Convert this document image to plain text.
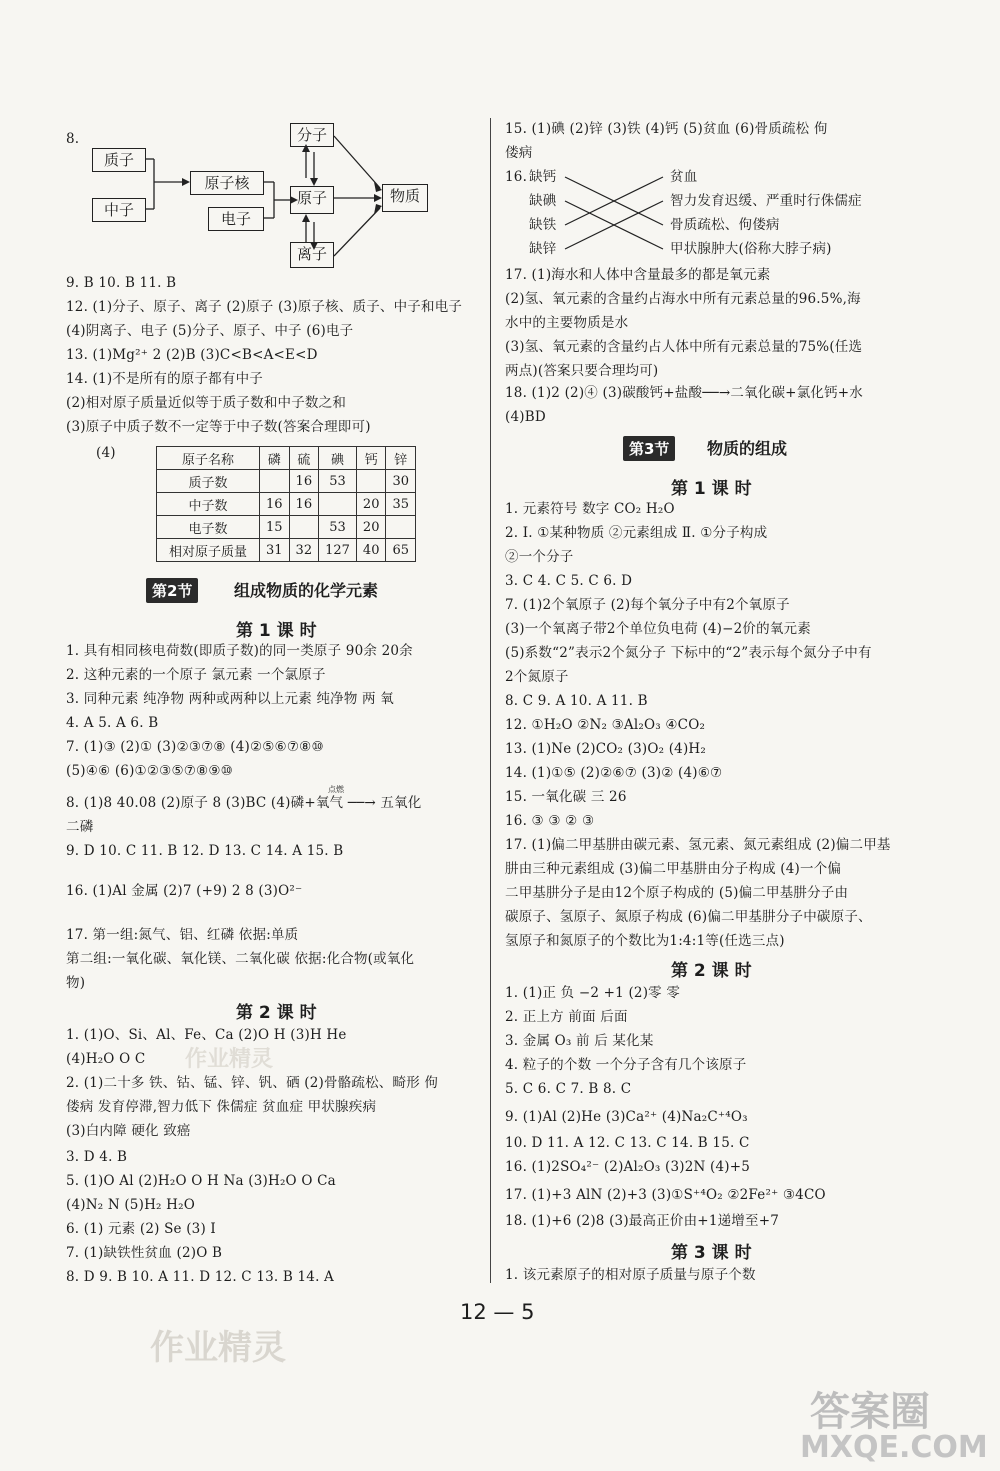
8.
质子
中子
原子核
电子
分子
原子
离子
物质
9. B 10. B 11. B
12. (1)分子、原子、离子 (2)原子 (3)原子核、质子、中子和电子
(4)阴离子、电子 (5)分子、原子、中子 (6)电子
13. (1)Mg²⁺ 2 (2)B (3)C<B<A<E<D
14. (1)不是所有的原子都有中子
(2)相对原子质量近似等于质子数和中子数之和
(3)原子中质子数不一定等于中子数(答案合理即可)
(4)	原子名称	磷	硫	碘	钙	锌
质子数		16	53		30
中子数	16	16		20	35
电子数	15		53	20	
相对原子质量	31	32	127	40	65
第2节	组成物质的化学元素
第 1 课 时
1. 具有相同核电荷数(即质子数)的同一类原子 90余 20余
2. 这种元素的一个原子 氯元素 一个氯原子
3. 同种元素 纯净物 两种或两种以上元素 纯净物 两 氧
4. A 5. A 6. B
7. (1)③ (2)① (3)②③⑦⑧ (4)②⑤⑥⑦⑧⑩
(5)④⑥ (6)①②③⑤⑦⑧⑨⑩
点燃
8. (1)8 40.08 (2)原子 8 (3)BC (4)磷+氧气 ──→ 五氧化
二磷
9. D 10. C 11. B 12. D 13. C 14. A 15. B
16. (1)Al 金属 (2)7 (+9) 2 8 (3)O²⁻
17. 第一组:氮气、铝、红磷 依据:单质
第二组:一氧化碳、氧化镁、二氧化碳 依据:化合物(或氧化
物)
第 2 课 时
1. (1)O、Si、Al、Fe、Ca (2)O H (3)H He
(4)H₂O O C
2. (1)二十多 铁、钴、锰、锌、钒、硒 (2)骨骼疏松、畸形 佝
偻病 发育停滞,智力低下 侏儒症 贫血症 甲状腺疾病
(3)白内障 硬化 致癌
3. D 4. B
5. (1)O Al (2)H₂O O H Na (3)H₂O O Ca
(4)N₂ N (5)H₂ H₂O
6. (1) 元素 (2) Se (3) I
7. (1)缺铁性贫血 (2)O B
8. D 9. B 10. A 11. D 12. C 13. B 14. A
15. (1)碘 (2)锌 (3)铁 (4)钙 (5)贫血 (6)骨质疏松 佝
偻病
16. 缺钙
缺碘
缺铁
缺锌
贫血
智力发育迟缓、严重时行侏儒症
骨质疏松、佝偻病
甲状腺肿大(俗称大脖子病)
17. (1)海水和人体中含量最多的都是氧元素
(2)氢、氧元素的含量约占海水中所有元素总量的96.5%,海
水中的主要物质是水
(3)氢、氧元素的含量约占人体中所有元素总量的75%(任选
两点)(答案只要合理均可)
18. (1)2 (2)④ (3)碳酸钙+盐酸──→二氧化碳+氯化钙+水
(4)BD
第3节	物质的组成
第 1 课 时
1. 元素符号 数字 CO₂ H₂O
2. Ⅰ. ①某种物质 ②元素组成 Ⅱ. ①分子构成
②一个分子
3. C 4. C 5. C 6. D
7. (1)2个氧原子 (2)每个氧分子中有2个氧原子
(3)一个氧离子带2个单位负电荷 (4)−2价的氧元素
(5)系数“2”表示2个氮分子 下标中的“2”表示每个氮分子中有
2个氮原子
8. C 9. A 10. A 11. B
12. ①H₂O ②N₂ ③Al₂O₃ ④CO₂
13. (1)Ne (2)CO₂ (3)O₂ (4)H₂
14. (1)①⑤ (2)②⑥⑦ (3)② (4)⑥⑦
15. 一氧化碳 三 26
16. ③ ③ ② ③
17. (1)偏二甲基肼由碳元素、氢元素、氮元素组成 (2)偏二甲基
肼由三种元素组成 (3)偏二甲基肼由分子构成 (4)一个偏
二甲基肼分子是由12个原子构成的 (5)偏二甲基肼分子由
碳原子、氢原子、氮原子构成 (6)偏二甲基肼分子中碳原子、
氢原子和氮原子的个数比为1:4:1等(任选三点)
第 2 课 时
1. (1)正 负 −2 +1 (2)零 零
2. 正上方 前面 后面
3. 金属 O₃ 前 后 某化某
4. 粒子的个数 一个分子含有几个该原子
5. C 6. C 7. B 8. C
9. (1)Al (2)He (3)Ca²⁺ (4)Na₂C⁺⁴O₃
10. D 11. A 12. C 13. C 14. B 15. C
16. (1)2SO₄²⁻ (2)Al₂O₃ (3)2N (4)+5
17. (1)+3 AlN (2)+3 (3)①S⁺⁴O₂ ②2Fe²⁺ ③4CO
18. (1)+6 (2)8 (3)最高正价由+1递增至+7
第 3 课 时
1. 该元素原子的相对原子质量与原子个数
12 — 5
作业精灵
作业精灵
答案圈
MXQE.COM
